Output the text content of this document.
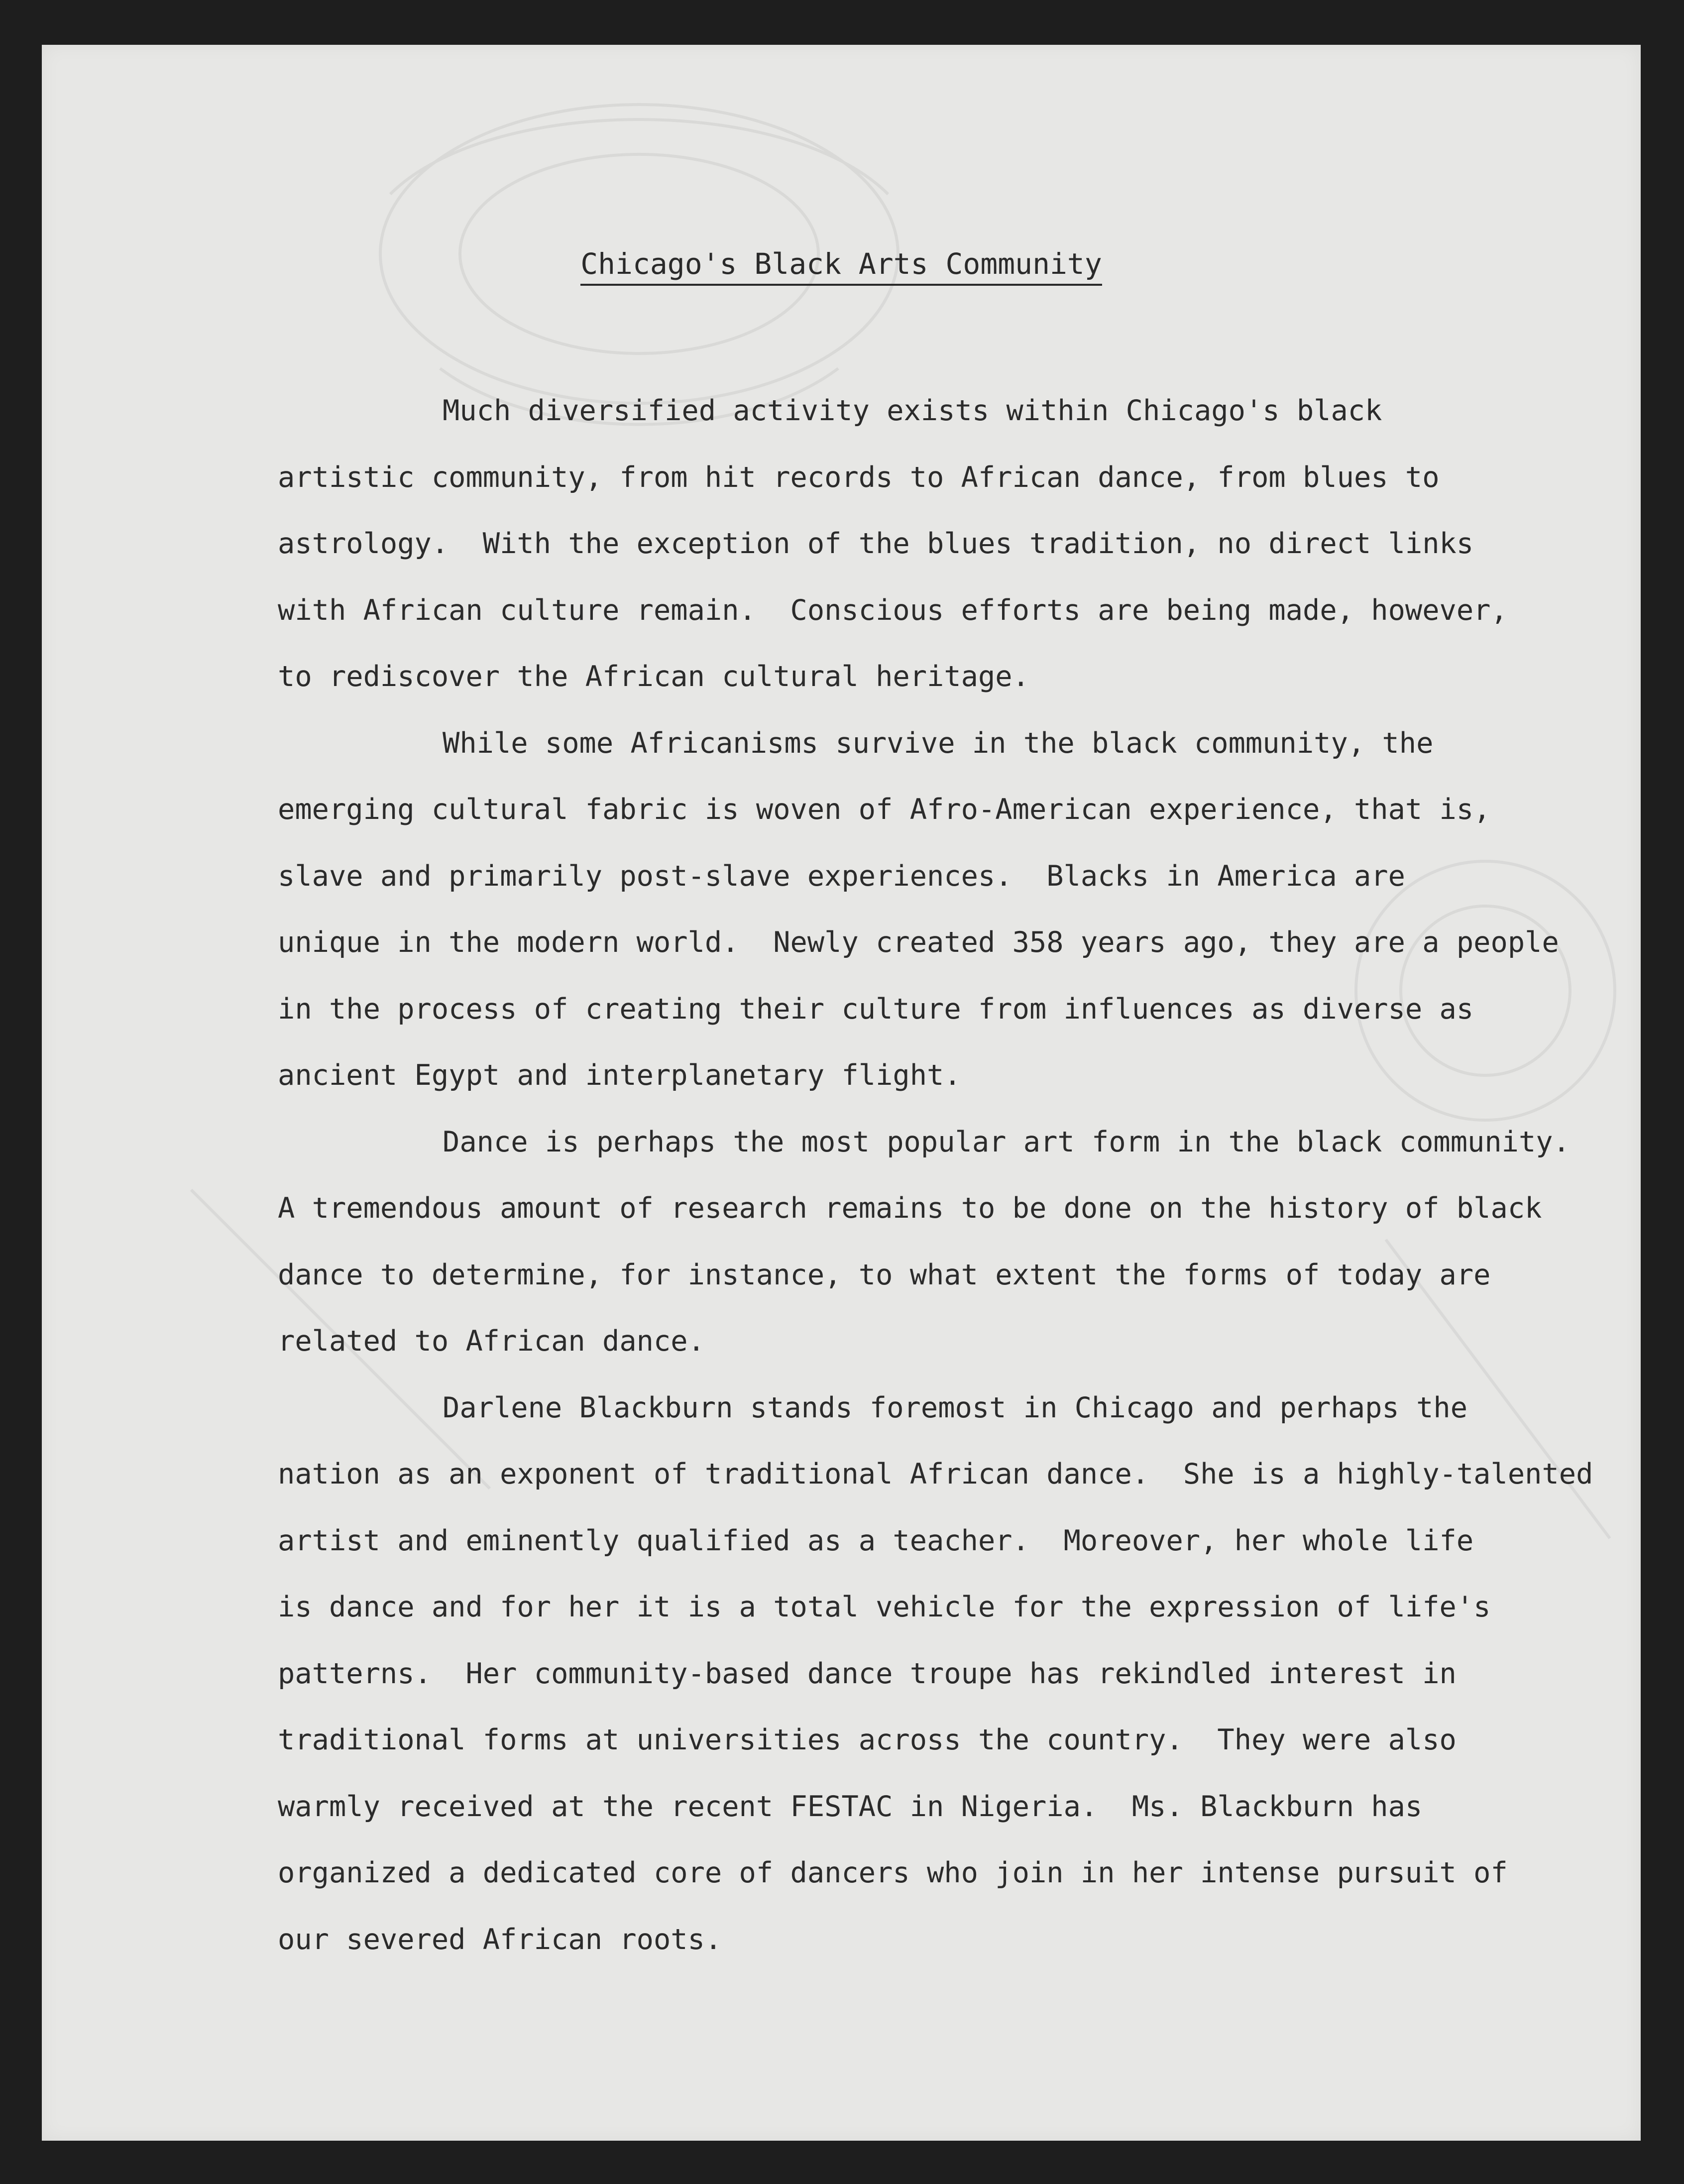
Chicago's Black Arts Community
Much diversified activity exists within Chicago's black
artistic community, from hit records to African dance, from blues to
astrology.  With the exception of the blues tradition, no direct links
with African culture remain.  Conscious efforts are being made, however,
to rediscover the African cultural heritage.
While some Africanisms survive in the black community, the
emerging cultural fabric is woven of Afro-American experience, that is,
slave and primarily post-slave experiences.  Blacks in America are
unique in the modern world.  Newly created 358 years ago, they are a people
in the process of creating their culture from influences as diverse as
ancient Egypt and interplanetary flight.
Dance is perhaps the most popular art form in the black community.
A tremendous amount of research remains to be done on the history of black
dance to determine, for instance, to what extent the forms of today are
related to African dance.
Darlene Blackburn stands foremost in Chicago and perhaps the
nation as an exponent of traditional African dance.  She is a highly-talented
artist and eminently qualified as a teacher.  Moreover, her whole life
is dance and for her it is a total vehicle for the expression of life's
patterns.  Her community-based dance troupe has rekindled interest in
traditional forms at universities across the country.  They were also
warmly received at the recent FESTAC in Nigeria.  Ms. Blackburn has
organized a dedicated core of dancers who join in her intense pursuit of
our severed African roots.
